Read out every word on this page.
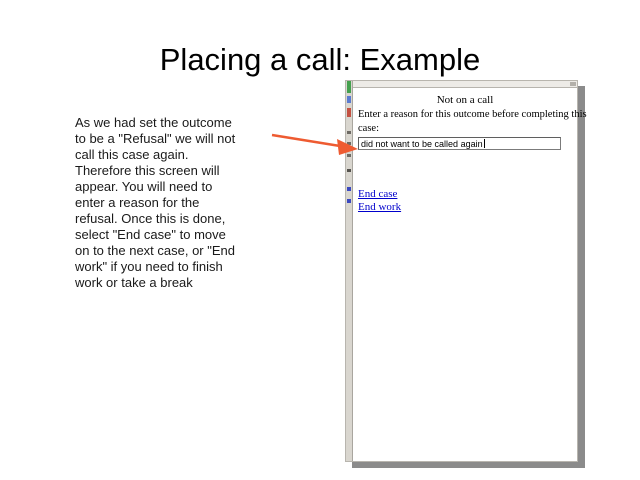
Placing a call: Example
As we had set the outcome
to be a "Refusal" we will not
call this case again.
Therefore this screen will
appear. You will need to
enter a reason for the
refusal. Once this is done,
select "End case" to move
on to the next case, or "End
work" if you need to finish
work or take a break
Not on a call
Enter a reason for this outcome before completing this
case:
did not want to be called again
End case
End work
